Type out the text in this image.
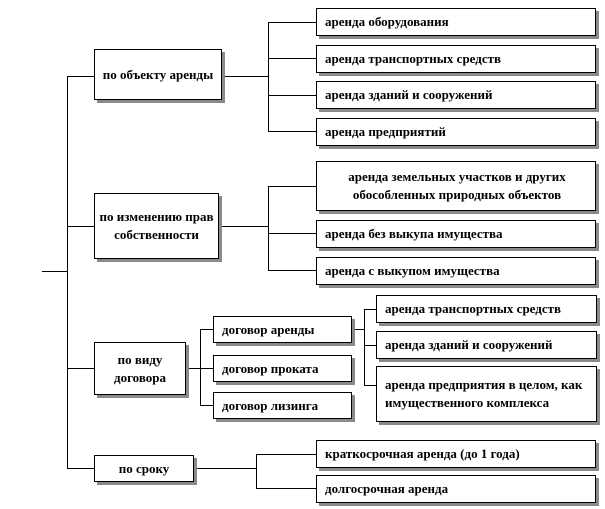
по объекту аренды
по изменению прав собственности
по виду договора
по сроку
аренда оборудования
аренда транспортных средств
аренда зданий и сооружений
аренда предприятий
аренда земельных участков и других обособленных природных объектов
аренда без выкупа имущества
аренда с выкупом имущества
договор аренды
договор проката
договор лизинга
аренда транспортных средств
аренда зданий и сооружений
аренда предприятия в целом, как имущественного комплекса
краткосрочная аренда (до 1 года)
долгосрочная аренда
